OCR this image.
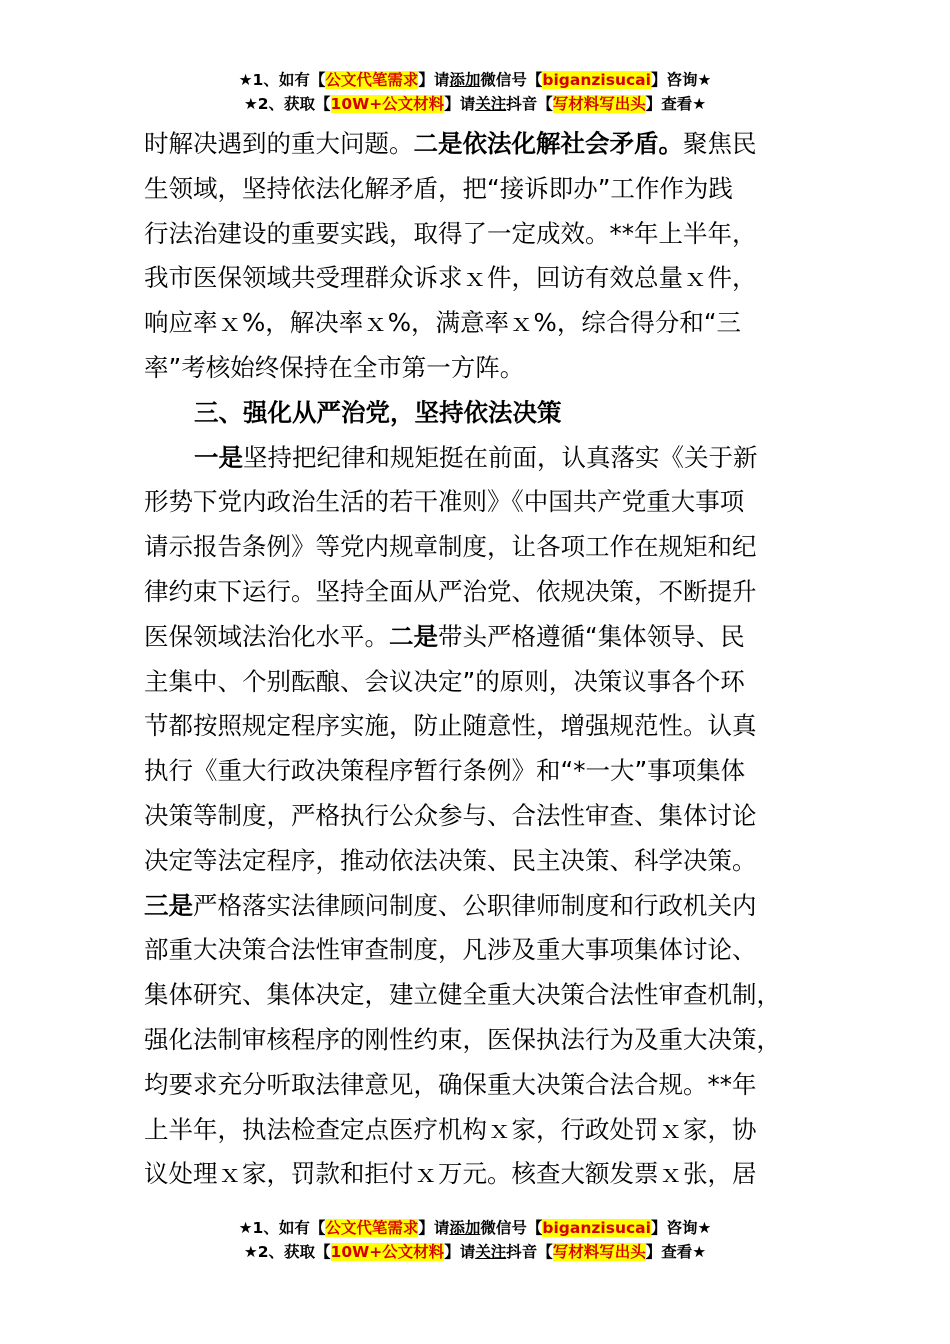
★1、如有【公文代笔需求】请添加微信号【biganzisucai】咨询★
★2、获取【10W+公文材料】请关注抖音【写材料写出头】查看★
时解决遇到的重大问题。二是依法化解社会矛盾。聚焦民
生领域，坚持依法化解矛盾，把“接诉即办”工作作为践
行法治建设的重要实践，取得了一定成效。**年上半年，
我市医保领域共受理群众诉求ｘ件，回访有效总量ｘ件，
响应率ｘ%，解决率ｘ%，满意率ｘ%，综合得分和“三
率”考核始终保持在全市第一方阵。
三、强化从严治党，坚持依法决策
一是坚持把纪律和规矩挺在前面，认真落实《关于新
形势下党内政治生活的若干准则》《中国共产党重大事项
请示报告条例》等党内规章制度，让各项工作在规矩和纪
律约束下运行。坚持全面从严治党、依规决策，不断提升
医保领域法治化水平。二是带头严格遵循“集体领导、民
主集中、个别酝酿、会议决定”的原则，决策议事各个环
节都按照规定程序实施，防止随意性，增强规范性。认真
执行《重大行政决策程序暂行条例》和“*一大”事项集体
决策等制度，严格执行公众参与、合法性审查、集体讨论
决定等法定程序，推动依法决策、民主决策、科学决策。
三是严格落实法律顾问制度、公职律师制度和行政机关内
部重大决策合法性审查制度，凡涉及重大事项集体讨论、
集体研究、集体决定，建立健全重大决策合法性审查机制，
强化法制审核程序的刚性约束，医保执法行为及重大决策，
均要求充分听取法律意见，确保重大决策合法合规。**年
上半年，执法检查定点医疗机构ｘ家，行政处罚ｘ家，协
议处理ｘ家，罚款和拒付ｘ万元。核查大额发票ｘ张，居
★1、如有【公文代笔需求】请添加微信号【biganzisucai】咨询★
★2、获取【10W+公文材料】请关注抖音【写材料写出头】查看★
